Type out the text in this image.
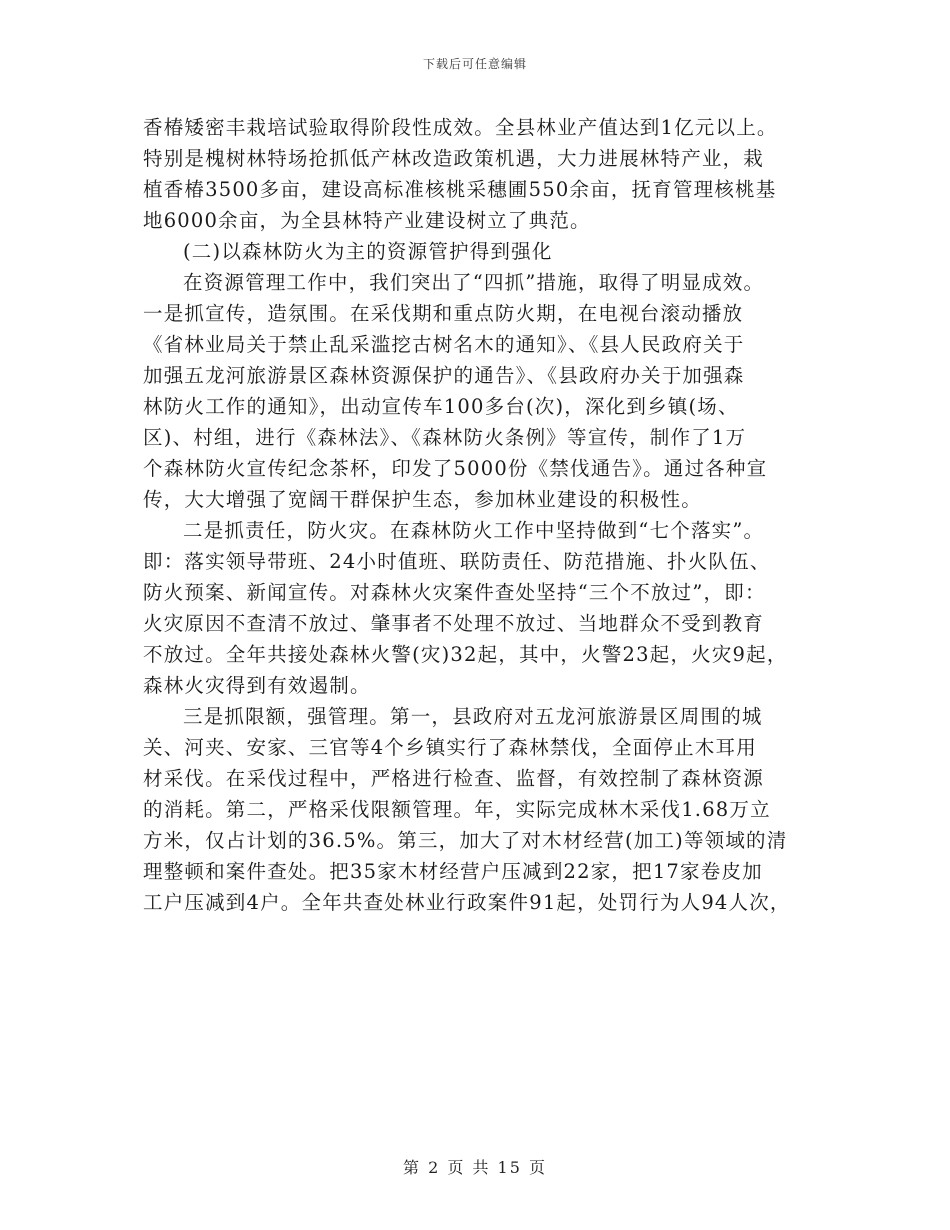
下载后可任意编辑
香椿矮密丰栽培试验取得阶段性成效。全县林业产值达到1亿元以上。
特别是槐树林特场抢抓低产林改造政策机遇，大力进展林特产业，栽
植香椿3500多亩，建设高标准核桃采穗圃550余亩，抚育管理核桃基
地6000余亩，为全县林特产业建设树立了典范。
(二)以森林防火为主的资源管护得到强化
在资源管理工作中，我们突出了“四抓”措施，取得了明显成效。
一是抓宣传，造氛围。在采伐期和重点防火期，在电视台滚动播放
《省林业局关于禁止乱采滥挖古树名木的通知》、《县人民政府关于
加强五龙河旅游景区森林资源保护的通告》、《县政府办关于加强森
林防火工作的通知》，出动宣传车100多台(次)，深化到乡镇(场、
区)、村组，进行《森林法》、《森林防火条例》等宣传，制作了1万
个森林防火宣传纪念茶杯，印发了5000份《禁伐通告》。通过各种宣
传，大大增强了宽阔干群保护生态，参加林业建设的积极性。
二是抓责任，防火灾。在森林防火工作中坚持做到“七个落实”。
即：落实领导带班、24小时值班、联防责任、防范措施、扑火队伍、
防火预案、新闻宣传。对森林火灾案件查处坚持“三个不放过”，即：
火灾原因不查清不放过、肇事者不处理不放过、当地群众不受到教育
不放过。全年共接处森林火警(灾)32起，其中，火警23起，火灾9起，
森林火灾得到有效遏制。
三是抓限额，强管理。第一，县政府对五龙河旅游景区周围的城
关、河夹、安家、三官等4个乡镇实行了森林禁伐，全面停止木耳用
材采伐。在采伐过程中，严格进行检查、监督，有效控制了森林资源
的消耗。第二，严格采伐限额管理。年，实际完成林木采伐1.68万立
方米，仅占计划的36.5%。第三，加大了对木材经营(加工)等领域的清
理整顿和案件查处。把35家木材经营户压减到22家，把17家卷皮加
工户压减到4户。全年共查处林业行政案件91起，处罚行为人94人次，
第 2 页 共 15 页
